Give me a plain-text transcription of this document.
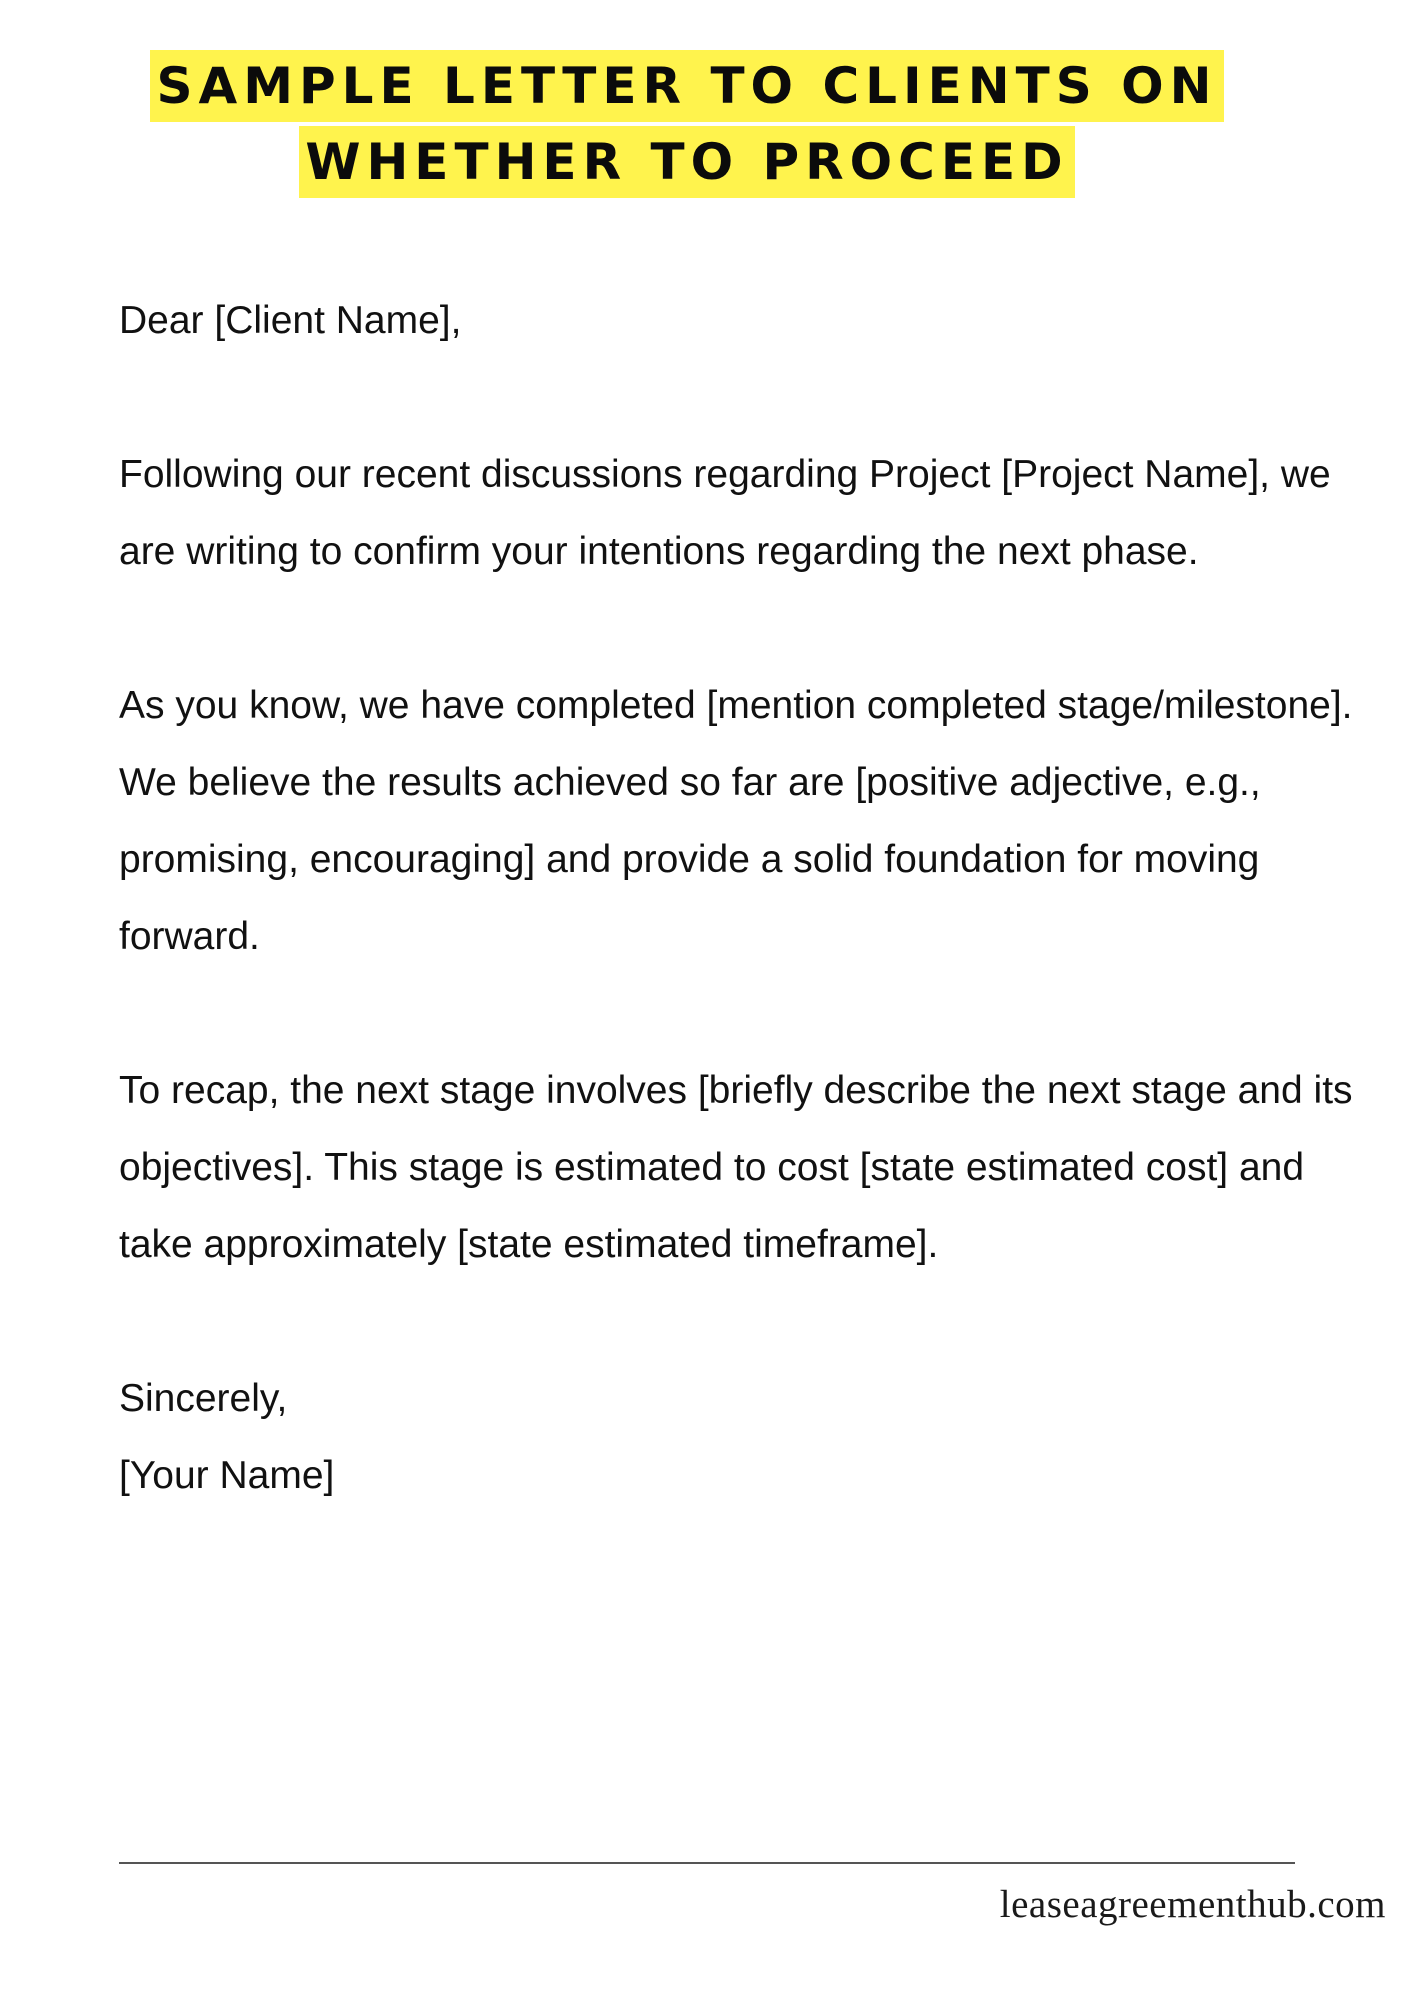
SAMPLE LETTER TO CLIENTS ON
WHETHER TO PROCEED

Dear [Client Name],

Following our recent discussions regarding Project [Project Name], we are writing to confirm your intentions regarding the next phase.

As you know, we have completed [mention completed stage/milestone]. We believe the results achieved so far are [positive adjective, e.g., promising, encouraging] and provide a solid foundation for moving forward.

To recap, the next stage involves [briefly describe the next stage and its objectives]. This stage is estimated to cost [state estimated cost] and take approximately [state estimated timeframe].

Sincerely,

[Your Name]

leaseagreementhub.com
